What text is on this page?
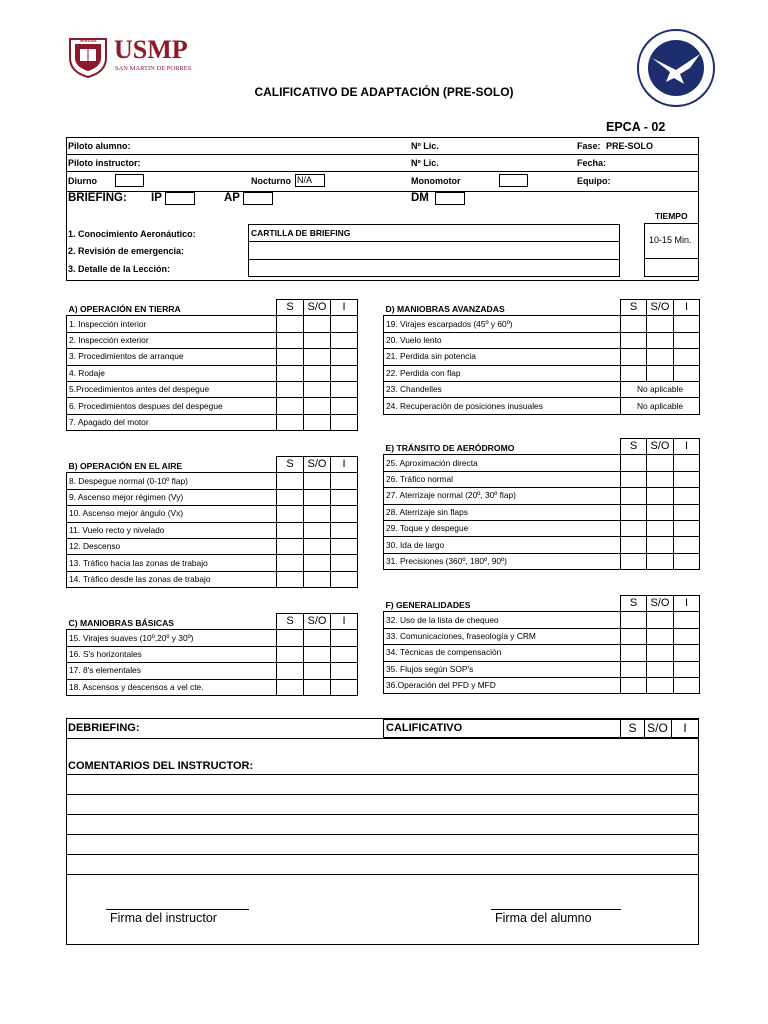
VERITAS USMP
SAN MARTIN DE PORRES
CALIFICATIVO DE ADAPTACIÓN (PRE-SOLO)
EPCA - 02
Piloto alumno:	Nº Lic.	Fase: PRE-SOLO
Piloto instructor:	Nº Lic.	Fecha:
Diurno	Nocturno N/A	Monomotor	Equipo:
BRIEFING: IP	AP	DM
TIEMPO
10-15 Min.
1. Conocimiento Aeronáutico:
2. Revisión de emergencia:
3. Detalle de la Lección:
CARTILLA DE BRIEFING
A) OPERACIÓN EN TIERRA	S	S/O	I
1. Inspección interior			
2. Inspección exterior			
3. Procedimientos de arranque			
4. Rodaje			
5.Procedimientos antes del despegue			
6. Procedimientos despues del despegue			
7. Apagado del motor			
B) OPERACIÓN EN EL AIRE	S	S/O	I
8. Despegue normal (0-10º flap)			
9. Ascenso mejor régimen (Vy)			
10. Ascenso mejor ángulo (Vx)			
11. Vuelo recto y nivelado			
12. Descenso			
13. Tráfico hacia las zonas de trabajo			
14. Tráfico desde las zonas de trabajo			
C) MANIOBRAS BÁSICAS	S	S/O	I
15. Virajes suaves (10º,20º y 30º)			
16. S's horizontales			
17. 8's elementales			
18. Ascensos y descensos a vel cte.			
D) MANIOBRAS AVANZADAS	S	S/O	I
19. Virajes escarpados (45º y 60º)			
20. Vuelo lento			
21. Perdida sin potencia			
22. Perdida con flap			
23. Chandelles	No aplicable		
24. Recuperación de posiciones inusuales	No aplicable		
E) TRÁNSITO DE AERÓDROMO	S	S/O	I
25. Aproximación directa			
26. Tráfico normal			
27. Aterrizaje normal (20º, 30º flap)			
28. Aterrizaje sin flaps			
29. Toque y despegue			
30. Ida de largo			
31. Precisiones (360º, 180º, 90º)			
F) GENERALIDADES	S	S/O	I
32. Uso de la lista de chequeo			
33. Comunicaciones, fraseología y CRM			
34. Técnicas de compensación			
35. Flujos según SOP's			
36.Operación del PFD y MFD			
DEBRIEFING:	CALIFICATIVO	S S/O	I
COMENTARIOS DEL INSTRUCTOR:
Firma del instructor	Firma del alumno
